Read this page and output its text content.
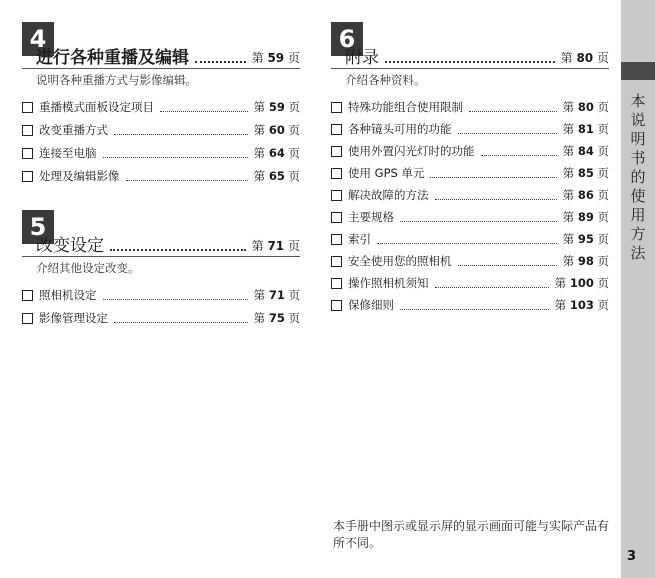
4
进行各种重播及编辑	第 59 页
说明各种重播方式与影像编辑。
重播模式面板设定项目	第 59 页
改变重播方式	第 60 页
连接至电脑	第 64 页
处理及编辑影像	第 65 页
5
改变设定	第 71 页
介绍其他设定改变。
照相机设定	第 71 页
影像管理设定	第 75 页
6
附录	第 80 页
介绍各种资料。
特殊功能组合使用限制	第 80 页
各种镜头可用的功能	第 81 页
使用外置闪光灯时的功能	第 84 页
使用 GPS 单元	第 85 页
解决故障的方法	第 86 页
主要规格	第 89 页
索引	第 95 页
安全使用您的照相机	第 98 页
操作照相机须知	第 100 页
保修细则	第 103 页
本手册中图示或显示屏的显示画面可能与实际产品有所不同。
本说明书的使用方法
3
